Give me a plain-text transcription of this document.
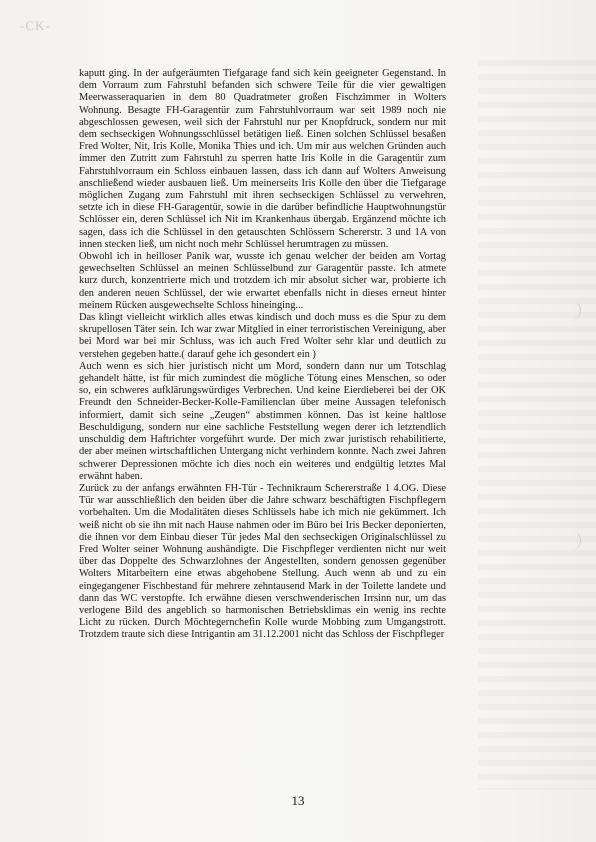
-CK-

kaputt ging. In der aufgeräumten Tiefgarage fand sich kein geeigneter Gegenstand. In dem Vorraum zum Fahrstuhl befanden sich schwere Teile für die vier gewaltigen Meerwasseraquarien in dem 80 Quadratmeter großen Fischzimmer in Wolters Wohnung. Besagte FH-Garagentür zum Fahrstuhlvorraum war seit 1989 noch nie abgeschlossen gewesen, weil sich der Fahrstuhl nur per Knopfdruck, sondern nur mit dem sechseckigen Wohnungsschlüssel betätigen ließ. Einen solchen Schlüssel besaßen Fred Wolter, Nit, Iris Kolle, Monika Thies und ich. Um mir aus welchen Gründen auch immer den Zutritt zum Fahrstuhl zu sperren hatte Iris Kolle in die Garagentür zum Fahrstuhlvorraum ein Schloss einbauen lassen, dass ich dann auf Wolters Anweisung anschließend wieder ausbauen ließ. Um meinerseits Iris Kolle den über die Tiefgarage möglichen Zugang zum Fahrstuhl mit ihren sechseckigen Schlüssel zu verwehren, setzte ich in diese FH-Garagentür, sowie in die darüber befindliche Hauptwohnungstür Schlösser ein, deren Schlüssel ich Nit im Krankenhaus übergab. Ergänzend möchte ich sagen, dass ich die Schlüssel in den getauschten Schlössern Schererstr. 3 und 1A von innen stecken ließ, um nicht noch mehr Schlüssel herumtragen zu müssen.

Obwohl ich in heilloser Panik war, wusste ich genau welcher der beiden am Vortag gewechselten Schlüssel an meinen Schlüsselbund zur Garagentür passte. Ich atmete kurz durch, konzentrierte mich und trotzdem ich mir absolut sicher war, probierte ich den anderen neuen Schlüssel, der wie erwartet ebenfalls nicht in dieses erneut hinter meinem Rücken ausgewechselte Schloss hineinging...

Das klingt vielleicht wirklich alles etwas kindisch und doch muss es die Spur zu dem skrupellosen Täter sein. Ich war zwar Mitglied in einer terroristischen Vereinigung, aber bei Mord war bei mir Schluss, was ich auch Fred Wolter sehr klar und deutlich zu verstehen gegeben hatte.( darauf gehe ich gesondert ein )

Auch wenn es sich hier juristisch nicht um Mord, sondern dann nur um Totschlag gehandelt hätte, ist für mich zumindest die mögliche Tötung eines Menschen, so oder so, ein schweres aufklärungswürdiges Verbrechen. Und keine Eierdieberei bei der OK Freundt den Schneider-Becker-Kolle-Familienclan über meine Aussagen telefonisch informiert, damit sich seine „Zeugen“ abstimmen können. Das ist keine haltlose Beschuldigung, sondern nur eine sachliche Feststellung wegen derer ich letztendlich unschuldig dem Haftrichter vorgeführt wurde. Der mich zwar juristisch rehabilitierte, der aber meinen wirtschaftlichen Untergang nicht verhindern konnte. Nach zwei Jahren schwerer Depressionen möchte ich dies noch ein weiteres und endgültig letztes Mal erwähnt haben.

Zurück zu der anfangs erwähnten FH-Tür - Technikraum Schererstraße 1 4.OG. Diese Tür war ausschließlich den beiden über die Jahre schwarz beschäftigten Fischpflegern vorbehalten. Um die Modalitäten dieses Schlüssels habe ich mich nie gekümmert. Ich weiß nicht ob sie ihn mit nach Hause nahmen oder im Büro bei Iris Becker deponierten, die ihnen vor dem Einbau dieser Tür jedes Mal den sechseckigen Originalschlüssel zu Fred Wolter seiner Wohnung aushändigte. Die Fischpfleger verdienten nicht nur weit über das Doppelte des Schwarzlohnes der Angestellten, sondern genossen gegenüber Wolters Mitarbeitern eine etwas abgehobene Stellung. Auch wenn ab und zu ein eingegangener Fischbestand für mehrere zehntausend Mark in der Toilette landete und dann das WC verstopfte. Ich erwähne diesen verschwenderischen Irrsinn nur, um das verlogene Bild des angeblich so harmonischen Betriebsklimas ein wenig ins rechte Licht zu rücken. Durch Möchtegernchefin Kolle wurde Mobbing zum Umgangstrott. Trotzdem traute sich diese Intrigantin am 31.12.2001 nicht das Schloss der Fischpfleger

13
